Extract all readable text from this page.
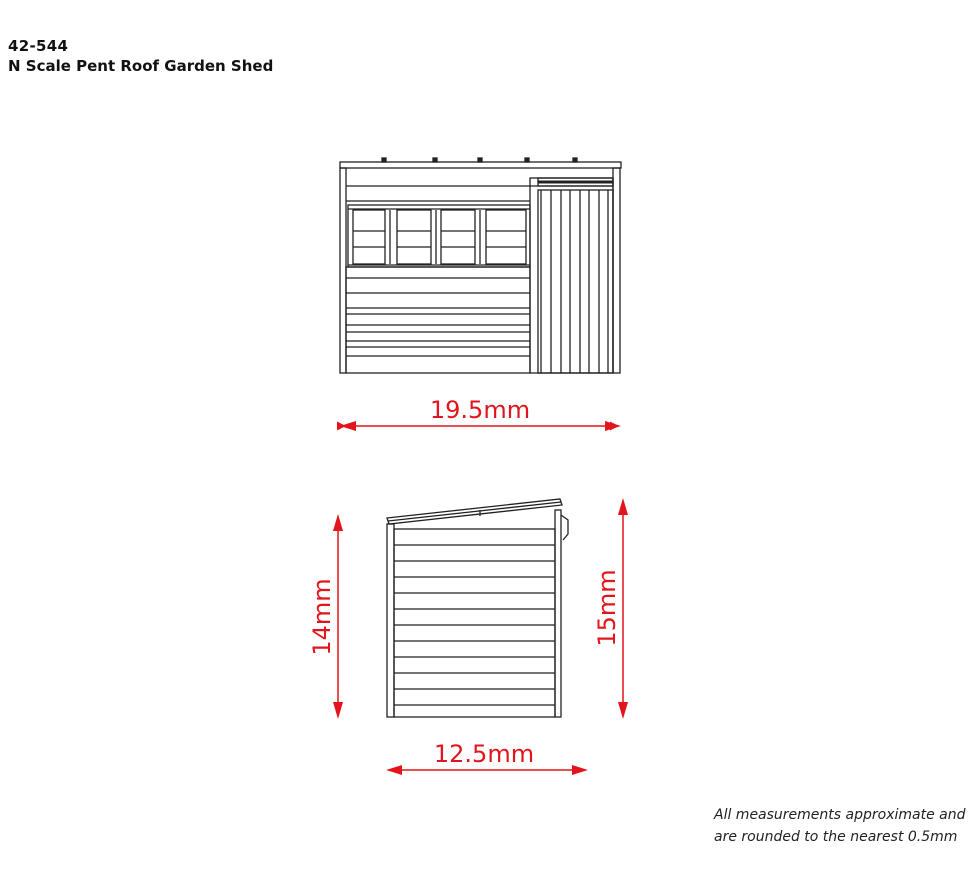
42-544
N Scale Pent Roof Garden Shed
19.5mm
14mm	15mm
12.5mm
All measurements approximate and
are rounded to the nearest 0.5mm
